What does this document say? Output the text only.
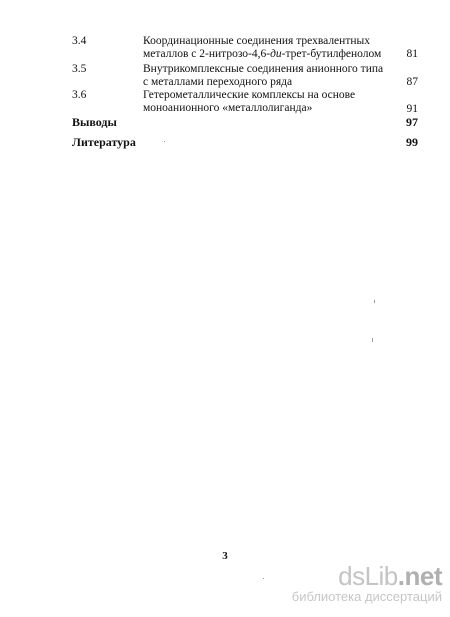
3.4	Координационные соединения трехвалентных
металлов с 2-нитрозо-4,6-ди-трет-бутилфенолом	81
3.5	Внутрикомплексные соединения анионного типа
с металлами переходного ряда	87
3.6	Гетерометаллические комплексы на основе
моноанионного «металлолиганда»	91
Выводы	97
Литература	99
3
dsLib.net
библиотека диссертаций
